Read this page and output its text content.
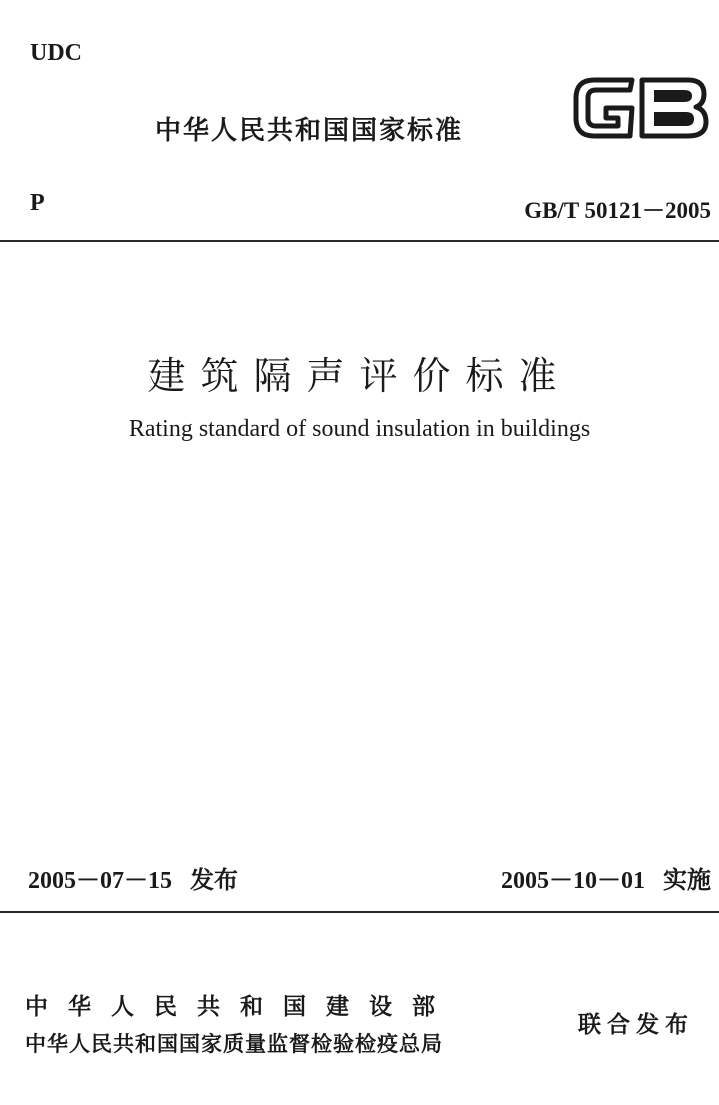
UDC
中华人民共和国国家标准
P	GB/T 50121－2005
建筑隔声评价标准
Rating standard of sound insulation in buildings
2005－07－15 发布	2005－10－01 实施
中华人民共和国建设部
中华人民共和国国家质量监督检验检疫总局
联合发布
